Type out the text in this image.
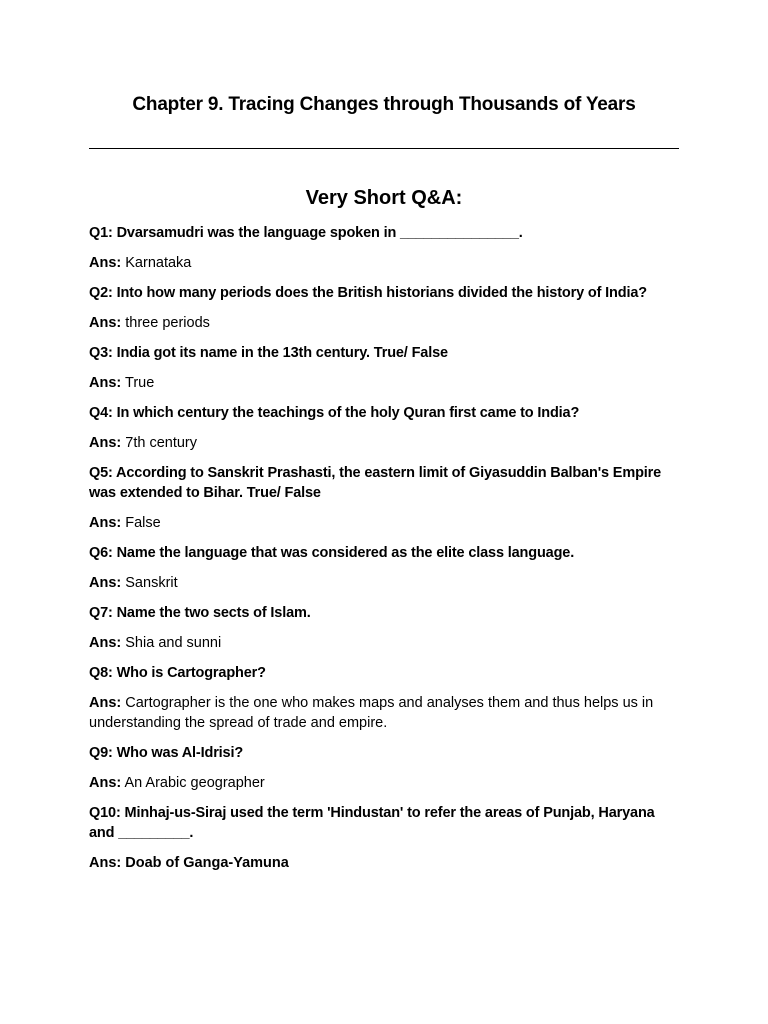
Chapter 9. Tracing Changes through Thousands of Years
Very Short Q&A:

Q1: Dvarsamudri was the language spoken in _______________.

Ans: Karnataka

Q2: Into how many periods does the British historians divided the history of India?

Ans: three periods

Q3: India got its name in the 13th century. True/ False

Ans: True

Q4: In which century the teachings of the holy Quran first came to India?

Ans: 7th century

Q5: According to Sanskrit Prashasti, the eastern limit of Giyasuddin Balban's Empire was extended to Bihar. True/ False

Ans: False

Q6: Name the language that was considered as the elite class language.

Ans: Sanskrit

Q7: Name the two sects of Islam.

Ans: Shia and sunni

Q8: Who is Cartographer?

Ans: Cartographer is the one who makes maps and analyses them and thus helps us in understanding the spread of trade and empire.

Q9: Who was Al-Idrisi?

Ans: An Arabic geographer

Q10: Minhaj-us-Siraj used the term 'Hindustan' to refer the areas of Punjab, Haryana and _________.

Ans: Doab of Ganga-Yamuna
